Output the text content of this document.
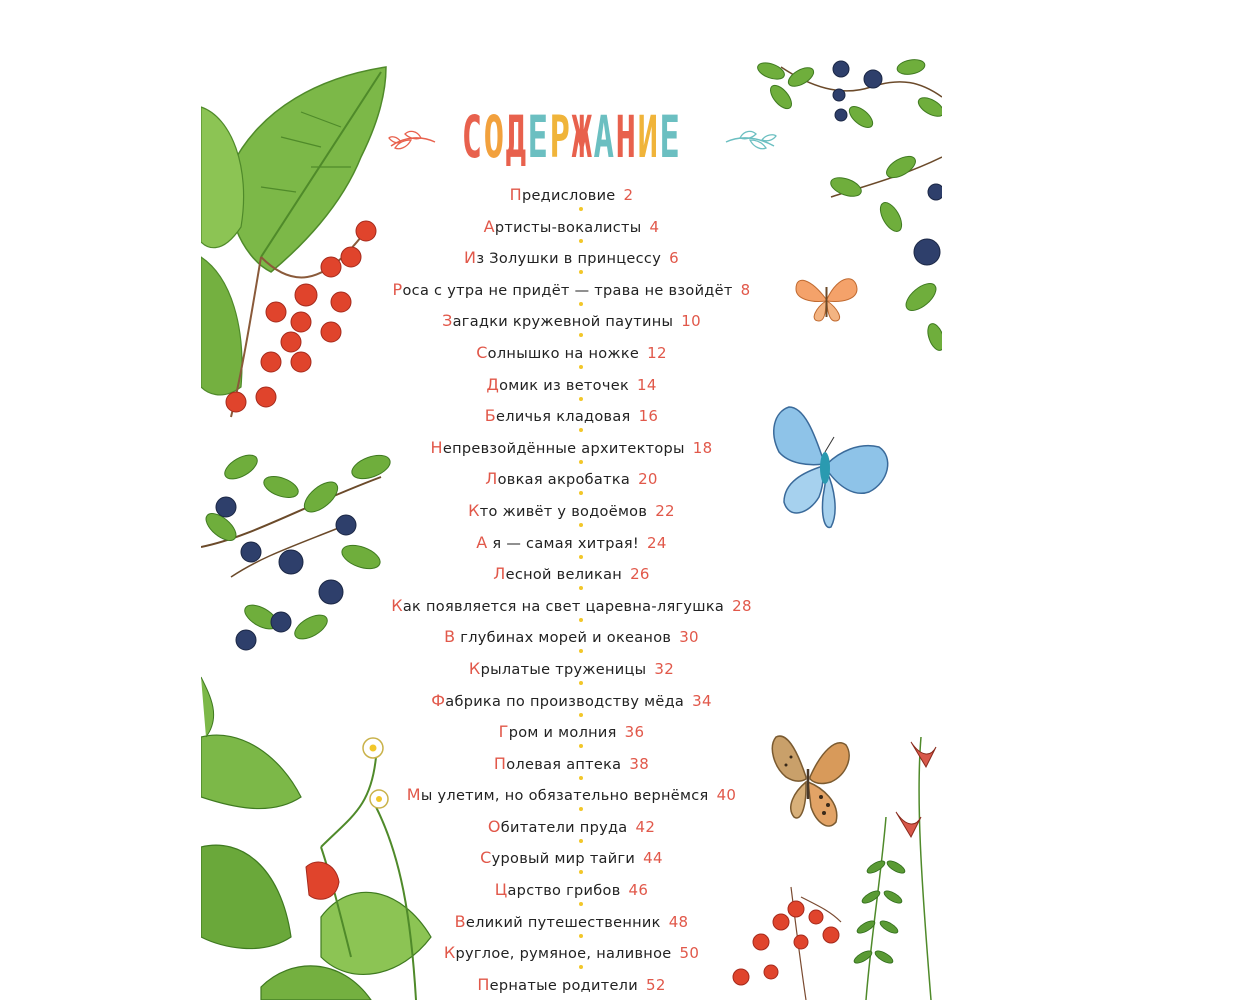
СОДЕРЖАНИЕ
Предисловие 2
Артисты-вокалисты 4
Из Золушки в принцессу 6
Роса с утра не придёт — трава не взойдёт 8
Загадки кружевной паутины 10
Солнышко на ножке 12
Домик из веточек 14
Беличья кладовая 16
Непревзойдённые архитекторы 18
Ловкая акробатка 20
Кто живёт у водоёмов 22
А я — самая хитрая! 24
Лесной великан 26
Как появляется на свет царевна-лягушка 28
В глубинах морей и океанов 30
Крылатые труженицы 32
Фабрика по производству мёда 34
Гром и молния 36
Полевая аптека 38
Мы улетим, но обязательно вернёмся 40
Обитатели пруда 42
Суровый мир тайги 44
Царство грибов 46
Великий путешественник 48
Круглое, румяное, наливное 50
Пернатые родители 52
